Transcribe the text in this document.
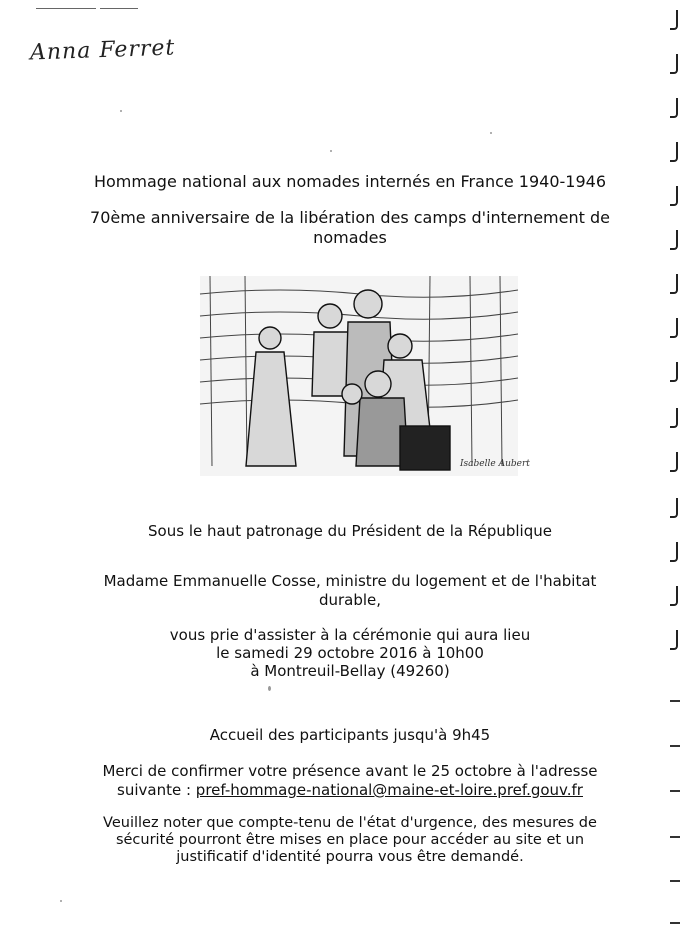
Anna Ferret
Hommage national aux nomades internés en France 1940-1946
70ème anniversaire de la libération des camps d'internement de nomades
Isabelle Aubert
Sous le haut patronage du Président de la République
Madame Emmanuelle Cosse, ministre du logement et de l'habitat durable,
vous prie d'assister à la cérémonie qui aura lieu
le samedi 29 octobre 2016 à 10h00
à Montreuil-Bellay (49260)
Accueil des participants jusqu'à 9h45
Merci de confirmer votre présence avant le 25 octobre à l'adresse
suivante : pref-hommage-national@maine-et-loire.pref.gouv.fr
Veuillez noter que compte-tenu de l'état d'urgence, des mesures de sécurité pourront être mises en place pour accéder au site et un justificatif d'identité pourra vous être demandé.
